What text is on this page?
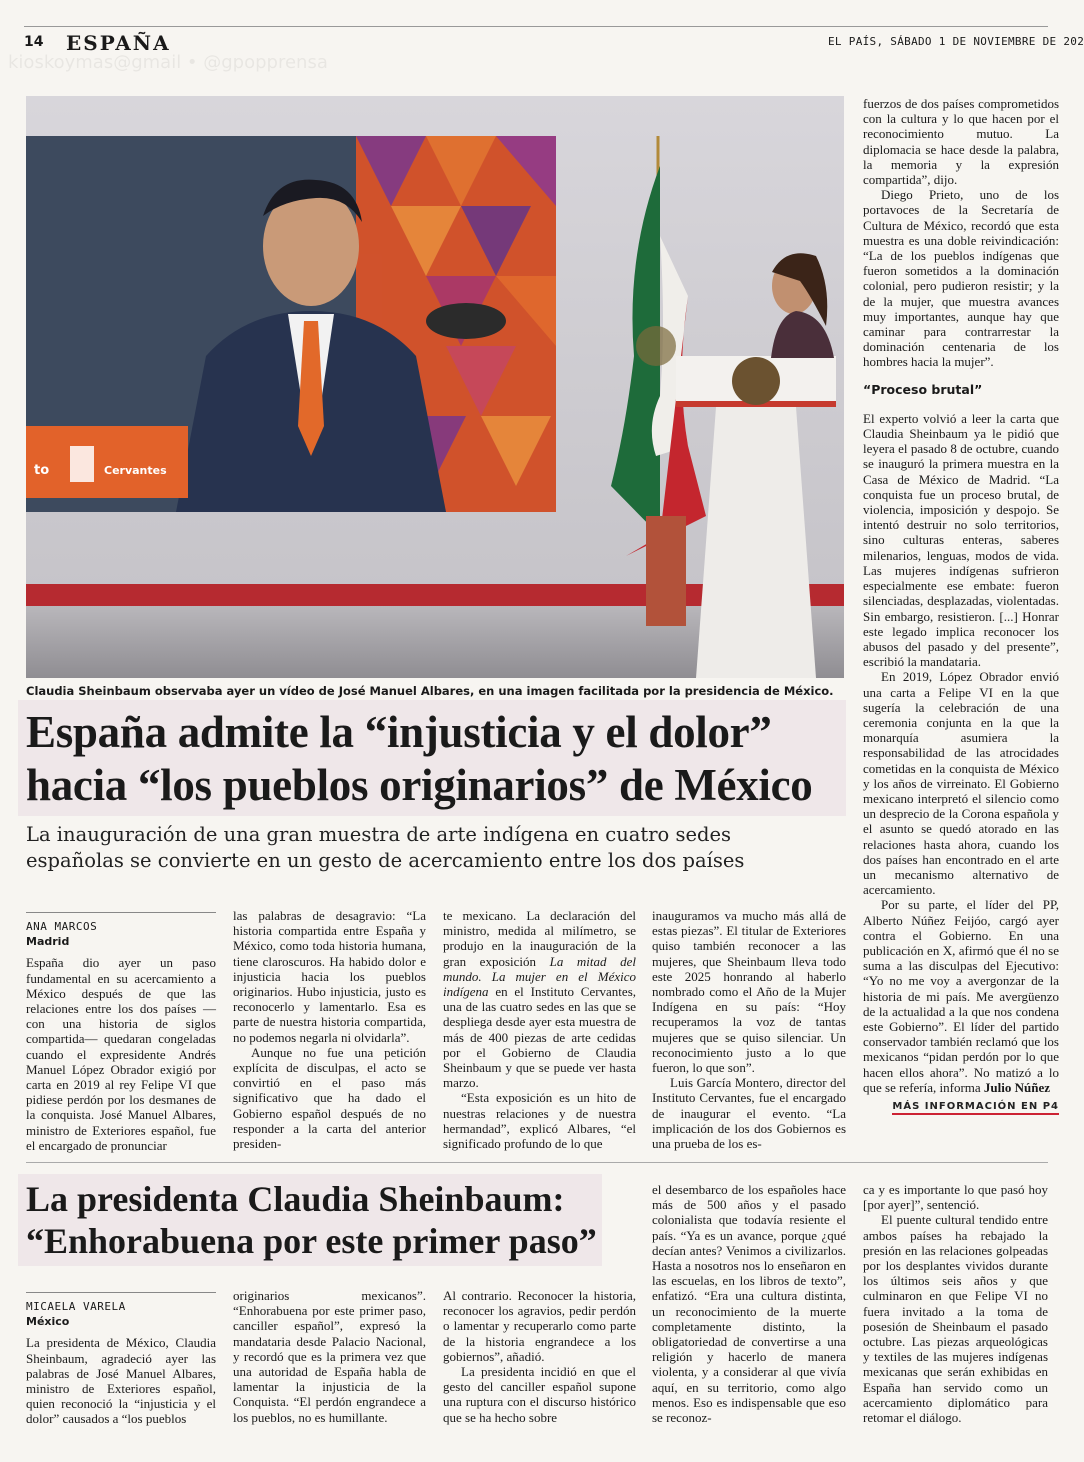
14 ESPAÑA	EL PAÍS, SÁBADO 1 DE NOVIEMBRE DE 202
kioskoymas@gmail • @gpopprensa
to	Cervantes
Claudia Sheinbaum observaba ayer un vídeo de José Manuel Albares, en una imagen facilitada por la presidencia de México.
España admite la “injusticia y el dolor”
hacia “los pueblos originarios” de México
La inauguración de una gran muestra de arte indígena en cuatro sedes
españolas se convierte en un gesto de acercamiento entre los dos países
ANA MARCOS
Madrid

España dio ayer un paso fundamental en su acercamiento a México después de que las relaciones entre los dos países —con una historia de siglos compartida— quedaran congeladas cuando el expresidente Andrés Manuel López Obrador exigió por carta en 2019 al rey Felipe VI que pidiese perdón por los desmanes de la conquista. José Manuel Albares, ministro de Exteriores español, fue el encargado de pronunciar

las palabras de desagravio: “La historia compartida entre España y México, como toda historia humana, tiene claroscuros. Ha habido dolor e injusticia hacia los pueblos originarios. Hubo injusticia, justo es reconocerlo y lamentarlo. Esa es parte de nuestra historia compartida, no podemos negarla ni olvidarla”.

Aunque no fue una petición explícita de disculpas, el acto se convirtió en el paso más significativo que ha dado el Gobierno español después de no responder a la carta del anterior presiden-

te mexicano. La declaración del ministro, medida al milímetro, se produjo en la inauguración de la gran exposición La mitad del mundo. La mujer en el México indígena en el Instituto Cervantes, una de las cuatro sedes en las que se despliega desde ayer esta muestra de más de 400 piezas de arte cedidas por el Gobierno de Claudia Sheinbaum y que se puede ver hasta marzo.

“Esta exposición es un hito de nuestras relaciones y de nuestra hermandad”, explicó Albares, “el significado profundo de lo que

inauguramos va mucho más allá de estas piezas”. El titular de Exteriores quiso también reconocer a las mujeres, que Sheinbaum lleva todo este 2025 honrando al haberlo nombrado como el Año de la Mujer Indígena en su país: “Hoy recuperamos la voz de tantas mujeres que se quiso silenciar. Un reconocimiento justo a lo que fueron, lo que son”.

Luis García Montero, director del Instituto Cervantes, fue el encargado de inaugurar el evento. “La implicación de los dos Gobiernos es una prueba de los es-

fuerzos de dos países comprometidos con la cultura y lo que hacen por el reconocimiento mutuo. La diplomacia se hace desde la palabra, la memoria y la expresión compartida”, dijo.

Diego Prieto, uno de los portavoces de la Secretaría de Cultura de México, recordó que esta muestra es una doble reivindicación: “La de los pueblos indígenas que fueron sometidos a la dominación colonial, pero pudieron resistir; y la de la mujer, que muestra avances muy importantes, aunque hay que caminar para contrarrestar la dominación centenaria de los hombres hacia la mujer”.

“Proceso brutal”

El experto volvió a leer la carta que Claudia Sheinbaum ya le pidió que leyera el pasado 8 de octubre, cuando se inauguró la primera muestra en la Casa de México de Madrid. “La conquista fue un proceso brutal, de violencia, imposición y despojo. Se intentó destruir no solo territorios, sino culturas enteras, saberes milenarios, lenguas, modos de vida. Las mujeres indígenas sufrieron especialmente ese embate: fueron silenciadas, desplazadas, violentadas. Sin embargo, resistieron. [...] Honrar este legado implica reconocer los abusos del pasado y del presente”, escribió la mandataria.

En 2019, López Obrador envió una carta a Felipe VI en la que sugería la celebración de una ceremonia conjunta en la que la monarquía asumiera la responsabilidad de las atrocidades cometidas en la conquista de México y los años de virreinato. El Gobierno mexicano interpretó el silencio como un desprecio de la Corona española y el asunto se quedó atorado en las relaciones hasta ahora, cuando los dos países han encontrado en el arte un mecanismo alternativo de acercamiento.

Por su parte, el líder del PP, Alberto Núñez Feijóo, cargó ayer contra el Gobierno. En una publicación en X, afirmó que él no se suma a las disculpas del Ejecutivo: “Yo no me voy a avergonzar de la historia de mi país. Me avergüenzo de la actualidad a la que nos condena este Gobierno”. El líder del partido conservador también reclamó que los mexicanos “pidan perdón por lo que hacen ellos ahora”. No matizó a lo que se refería, informa Julio Núñez

MÁS INFORMACIÓN EN P4
La presidenta Claudia Sheinbaum:
“Enhorabuena por este primer paso”
MICAELA VARELA
México

La presidenta de México, Claudia Sheinbaum, agradeció ayer las palabras de José Manuel Albares, ministro de Exteriores español, quien reconoció la “injusticia y el dolor” causados a “los pueblos

originarios mexicanos”. “Enhorabuena por este primer paso, canciller español”, expresó la mandataria desde Palacio Nacional, y recordó que es la primera vez que una autoridad de España habla de lamentar la injusticia de la Conquista. “El perdón engrandece a los pueblos, no es humillante.

Al contrario. Reconocer la historia, reconocer los agravios, pedir perdón o lamentar y recuperarlo como parte de la historia engrandece a los gobiernos”, añadió.

La presidenta incidió en que el gesto del canciller español supone una ruptura con el discurso histórico que se ha hecho sobre

el desembarco de los españoles hace más de 500 años y el pasado colonialista que todavía resiente el país. “Ya es un avance, porque ¿qué decían antes? Venimos a civilizarlos. Hasta a nosotros nos lo enseñaron en las escuelas, en los libros de texto”, enfatizó. “Era una cultura distinta, un reconocimiento de la muerte completamente distinto, la obligatoriedad de convertirse a una religión y hacerlo de manera violenta, y a considerar al que vivía aquí, en su territorio, como algo menos. Eso es indispensable que eso se reconoz-

ca y es importante lo que pasó hoy [por ayer]”, sentenció.

El puente cultural tendido entre ambos países ha rebajado la presión en las relaciones golpeadas por los desplantes vividos durante los últimos seis años y que culminaron en que Felipe VI no fuera invitado a la toma de posesión de Sheinbaum el pasado octubre. Las piezas arqueológicas y textiles de las mujeres indígenas mexicanas que serán exhibidas en España han servido como un acercamiento diplomático para retomar el diálogo.
